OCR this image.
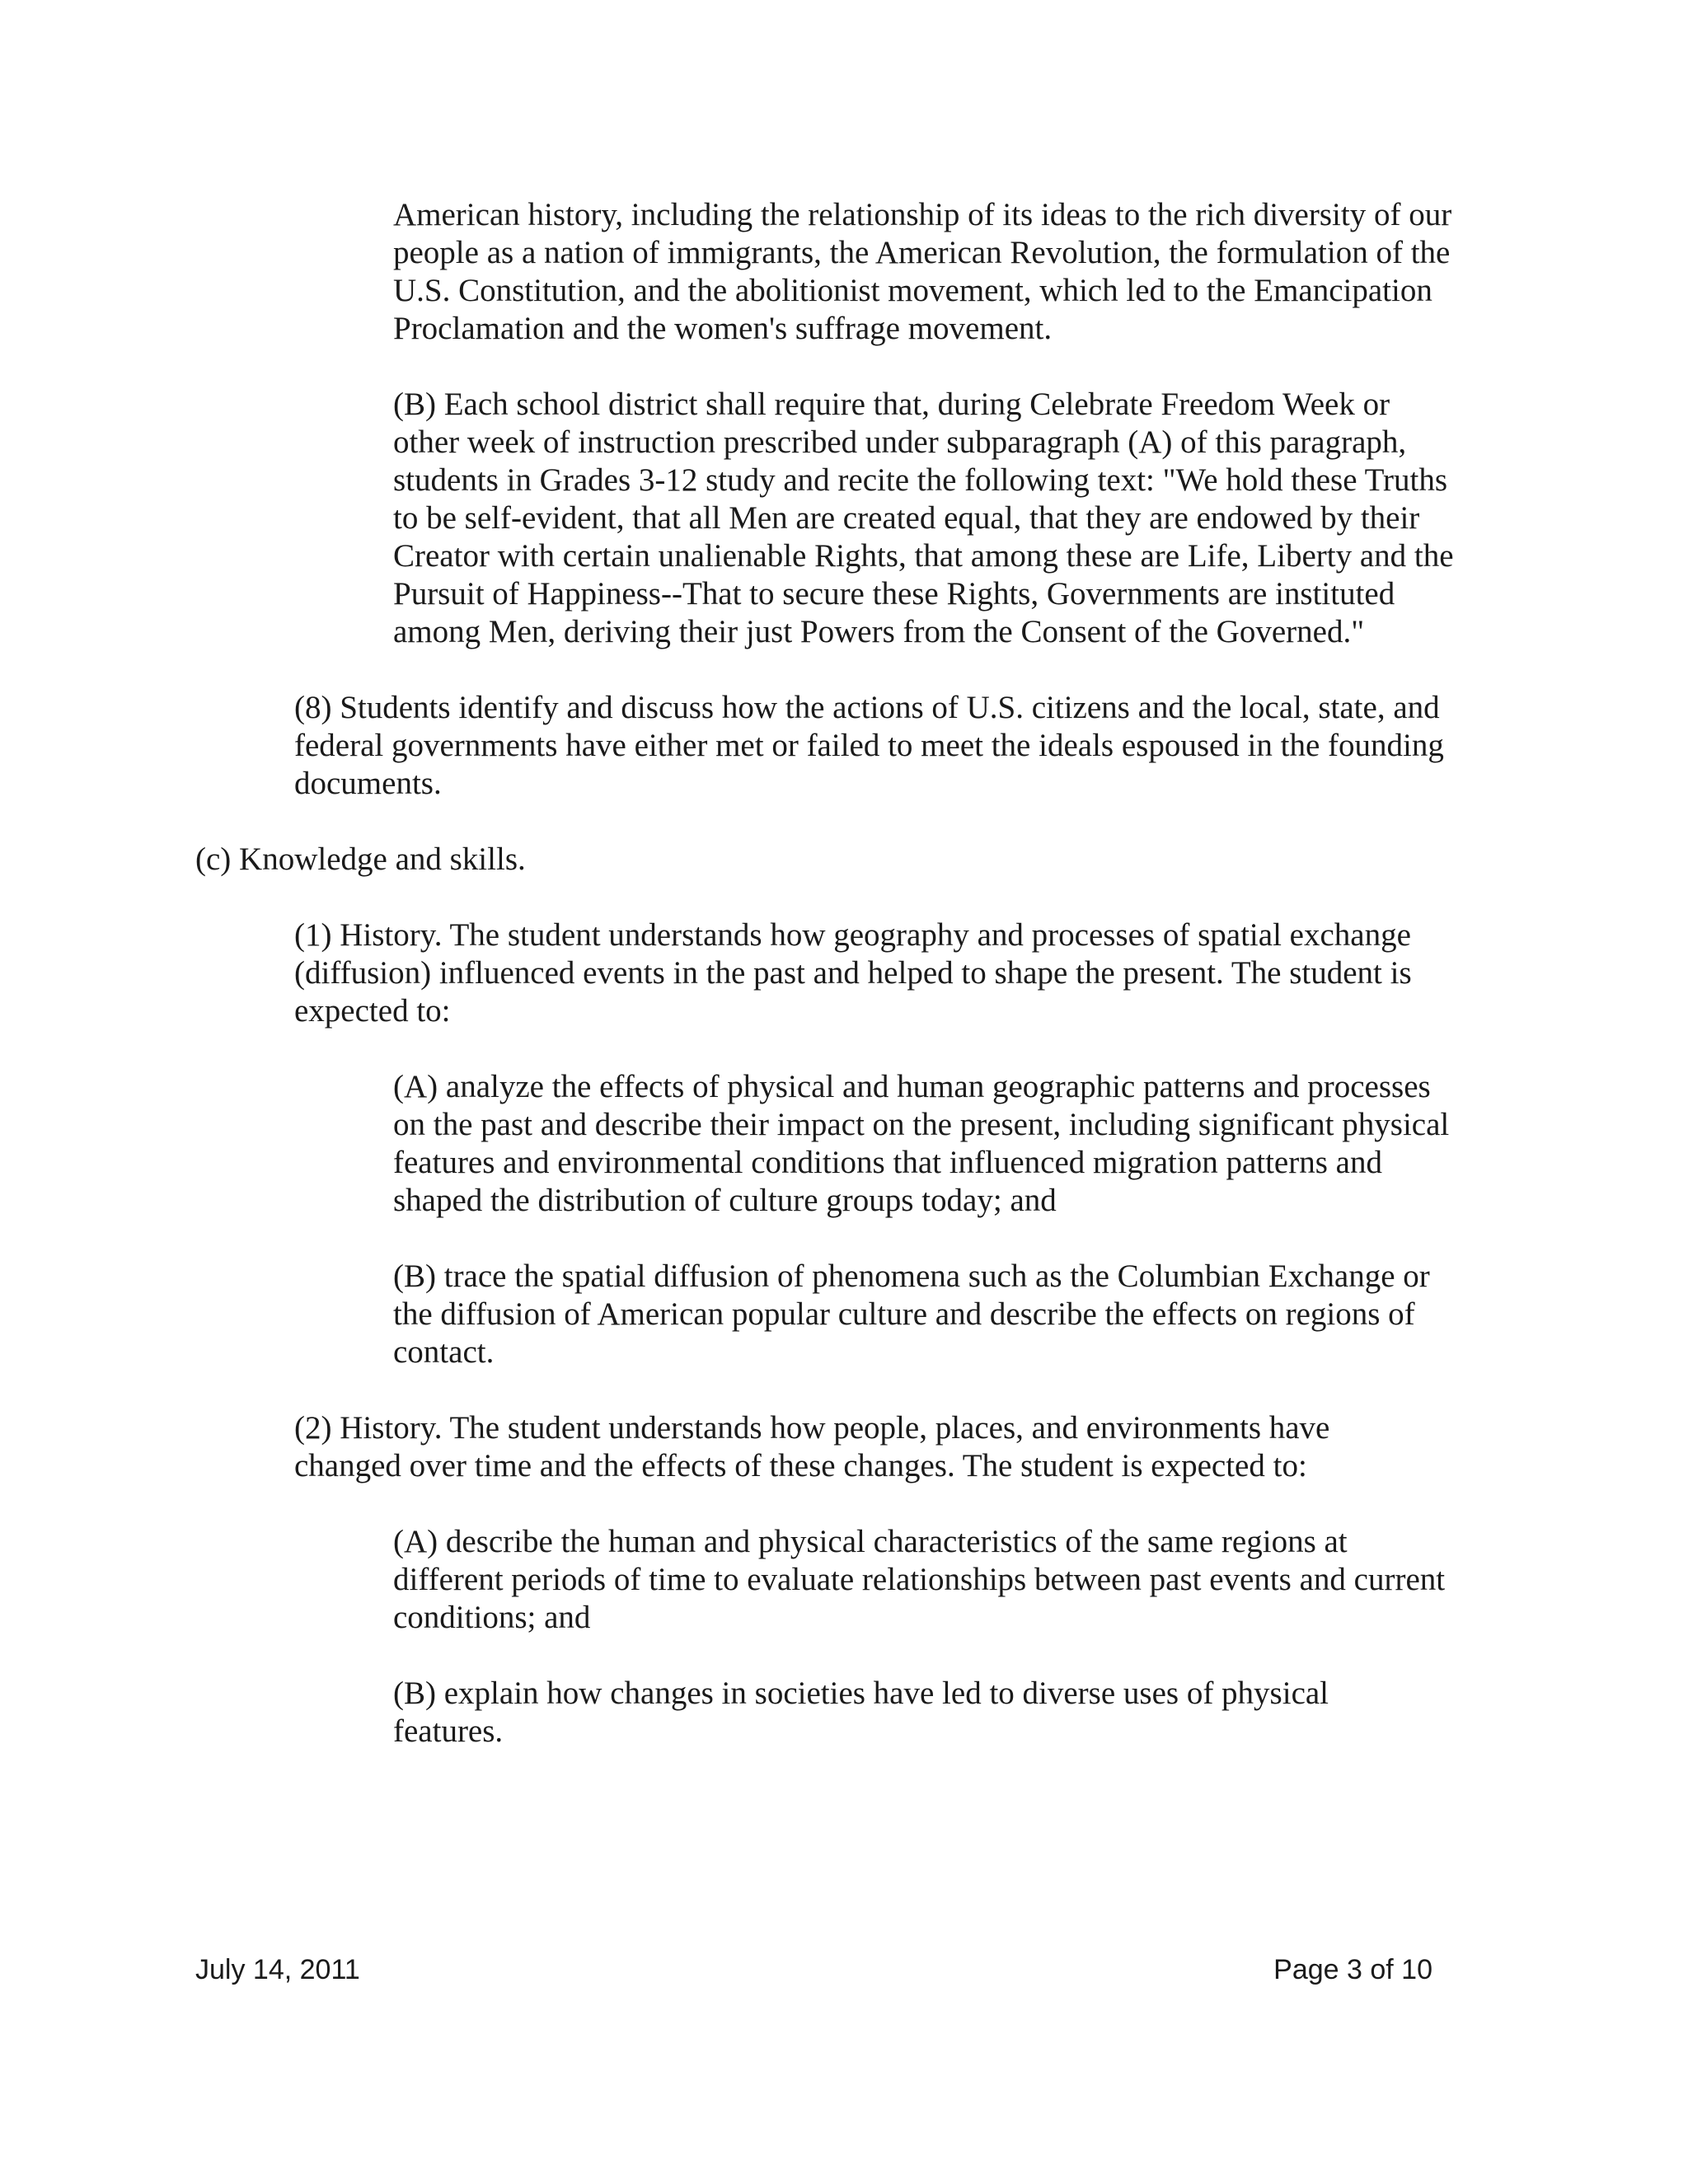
American history, including the relationship of its ideas to the rich diversity of our
people as a nation of immigrants, the American Revolution, the formulation of the
U.S. Constitution, and the abolitionist movement, which led to the Emancipation
Proclamation and the women's suffrage movement.

(B) Each school district shall require that, during Celebrate Freedom Week or
other week of instruction prescribed under subparagraph (A) of this paragraph,
students in Grades 3-12 study and recite the following text: "We hold these Truths
to be self-evident, that all Men are created equal, that they are endowed by their
Creator with certain unalienable Rights, that among these are Life, Liberty and the
Pursuit of Happiness--That to secure these Rights, Governments are instituted
among Men, deriving their just Powers from the Consent of the Governed."

(8) Students identify and discuss how the actions of U.S. citizens and the local, state, and
federal governments have either met or failed to meet the ideals espoused in the founding
documents.

(c) Knowledge and skills.

(1) History. The student understands how geography and processes of spatial exchange
(diffusion) influenced events in the past and helped to shape the present. The student is
expected to:

(A) analyze the effects of physical and human geographic patterns and processes
on the past and describe their impact on the present, including significant physical
features and environmental conditions that influenced migration patterns and
shaped the distribution of culture groups today; and

(B) trace the spatial diffusion of phenomena such as the Columbian Exchange or
the diffusion of American popular culture and describe the effects on regions of
contact.

(2) History. The student understands how people, places, and environments have
changed over time and the effects of these changes. The student is expected to:

(A) describe the human and physical characteristics of the same regions at
different periods of time to evaluate relationships between past events and current
conditions; and

(B) explain how changes in societies have led to diverse uses of physical
features.

July 14, 2011	Page 3 of 10
